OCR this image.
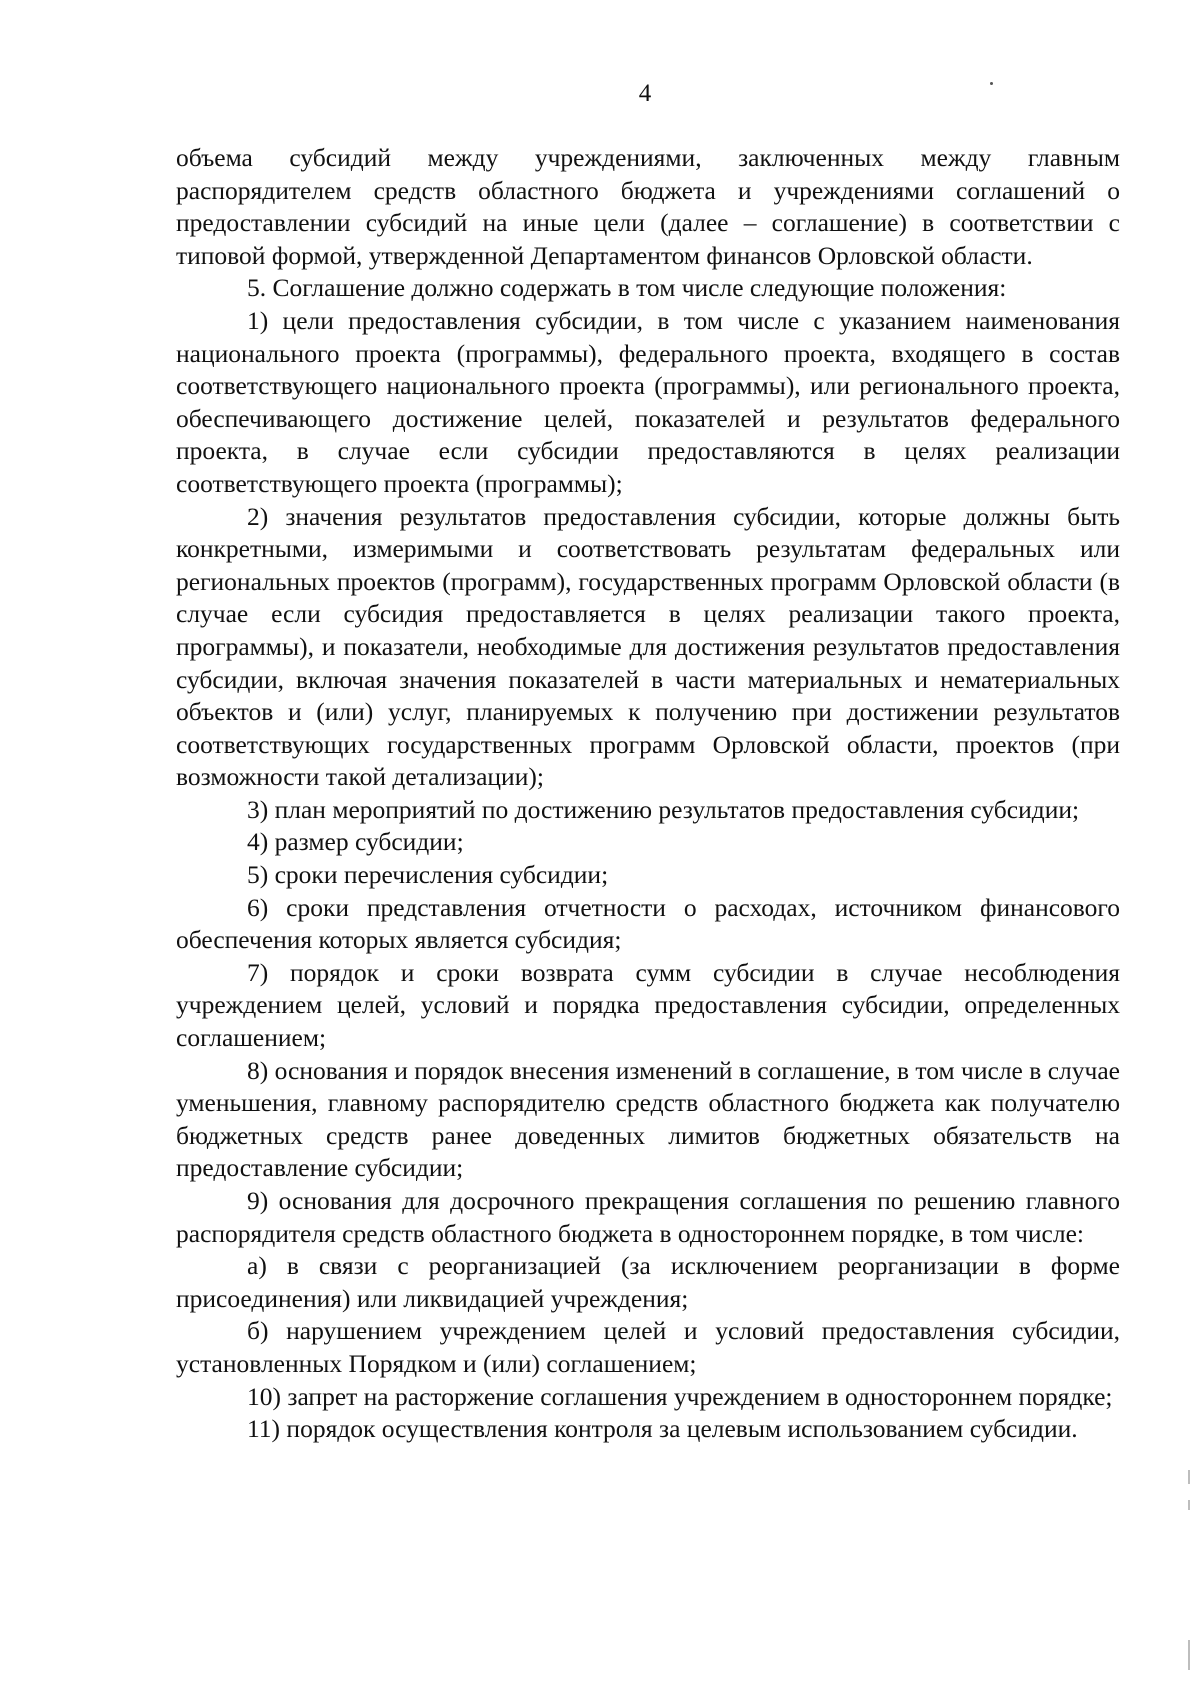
4

объема субсидий между учреждениями, заключенных между главным распорядителем средств областного бюджета и учреждениями соглашений о предоставлении субсидий на иные цели (далее – соглашение) в соответствии с типовой формой, утвержденной Департаментом финансов Орловской области.

5. Соглашение должно содержать в том числе следующие положения:

1) цели предоставления субсидии, в том числе с указанием наименования национального проекта (программы), федерального проекта, входящего в состав соответствующего национального проекта (программы), или регионального проекта, обеспечивающего достижение целей, показателей и результатов федерального проекта, в случае если субсидии предоставляются в целях реализации соответствующего проекта (программы);

2) значения результатов предоставления субсидии, которые должны быть конкретными, измеримыми и соответствовать результатам федеральных или региональных проектов (программ), государственных программ Орловской области (в случае если субсидия предоставляется в целях реализации такого проекта, программы), и показатели, необходимые для достижения результатов предоставления субсидии, включая значения показателей в части материальных и нематериальных объектов и (или) услуг, планируемых к получению при достижении результатов соответствующих государственных программ Орловской области, проектов (при возможности такой детализации);

3) план мероприятий по достижению результатов предоставления субсидии;

4) размер субсидии;

5) сроки перечисления субсидии;

6) сроки представления отчетности о расходах, источником финансового обеспечения которых является субсидия;

7) порядок и сроки возврата сумм субсидии в случае несоблюдения учреждением целей, условий и порядка предоставления субсидии, определенных соглашением;

8) основания и порядок внесения изменений в соглашение, в том числе в случае уменьшения, главному распорядителю средств областного бюджета как получателю бюджетных средств ранее доведенных лимитов бюджетных обязательств на предоставление субсидии;

9) основания для досрочного прекращения соглашения по решению главного распорядителя средств областного бюджета в одностороннем порядке, в том числе:

а) в связи с реорганизацией (за исключением реорганизации в форме присоединения) или ликвидацией учреждения;

б) нарушением учреждением целей и условий предоставления субсидии, установленных Порядком и (или) соглашением;

10) запрет на расторжение соглашения учреждением в одностороннем порядке;

11) порядок осуществления контроля за целевым использованием субсидии.
